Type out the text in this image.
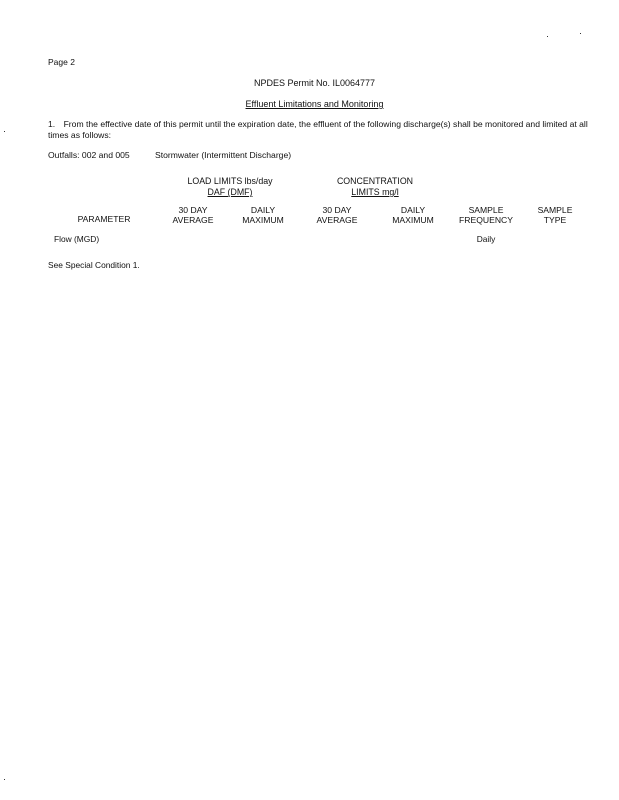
Page 2
NPDES Permit No. IL0064777
Effluent Limitations and Monitoring
1. From the effective date of this permit until the expiration date, the effluent of the following discharge(s) shall be monitored and limited at all times as follows:
Outfalls: 002 and 005	Stormwater (Intermittent Discharge)
LOAD LIMITS lbs/day
DAF (DMF)
CONCENTRATION
LIMITS mg/l
PARAMETER
30 DAY
AVERAGE
DAILY
MAXIMUM
30 DAY
AVERAGE
DAILY
MAXIMUM
SAMPLE
FREQUENCY
SAMPLE
TYPE
Flow (MGD)	Daily
See Special Condition 1.
